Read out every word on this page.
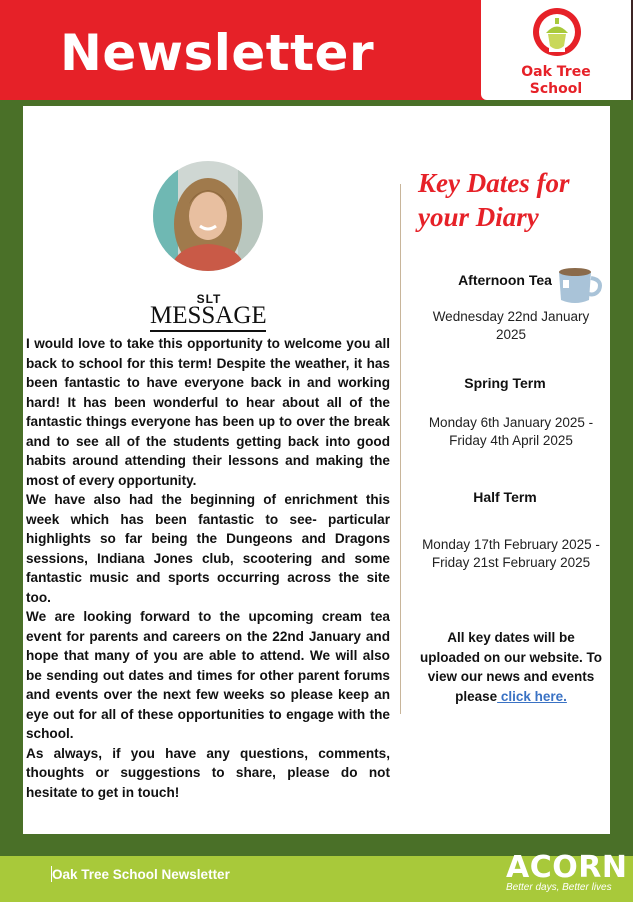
Newsletter	Oak Tree
School
SLT
MESSAGE

I would love to take this opportunity to welcome you all back to school for this term! Despite the weather, it has been fantastic to have everyone back in and working hard! It has been wonderful to hear about all of the fantastic things everyone has been up to over the break and to see all of the students getting back into good habits around attending their lessons and making the most of every opportunity.

We have also had the beginning of enrichment this week which has been fantastic to see- particular highlights so far being the Dungeons and Dragons sessions, Indiana Jones club, scootering and some fantastic music and sports occurring across the site too.

We are looking forward to the upcoming cream tea event for parents and careers on the 22nd January and hope that many of you are able to attend. We will also be sending out dates and times for other parent forums and events over the next few weeks so please keep an eye out for all of these opportunities to engage with the school.

As always, if you have any questions, comments, thoughts or suggestions to share, please do not hesitate to get in touch!

Key Dates for your Diary
Afternoon Tea
Wednesday 22nd January 2025
Spring Term
Monday 6th January 2025 - Friday 4th April 2025
Half Term
Monday 17th February 2025 - Friday 21st February 2025
All key dates will be uploaded on our website. To view our news and events please click here.
Oak Tree School Newsletter	ACORN
Better days, Better lives
